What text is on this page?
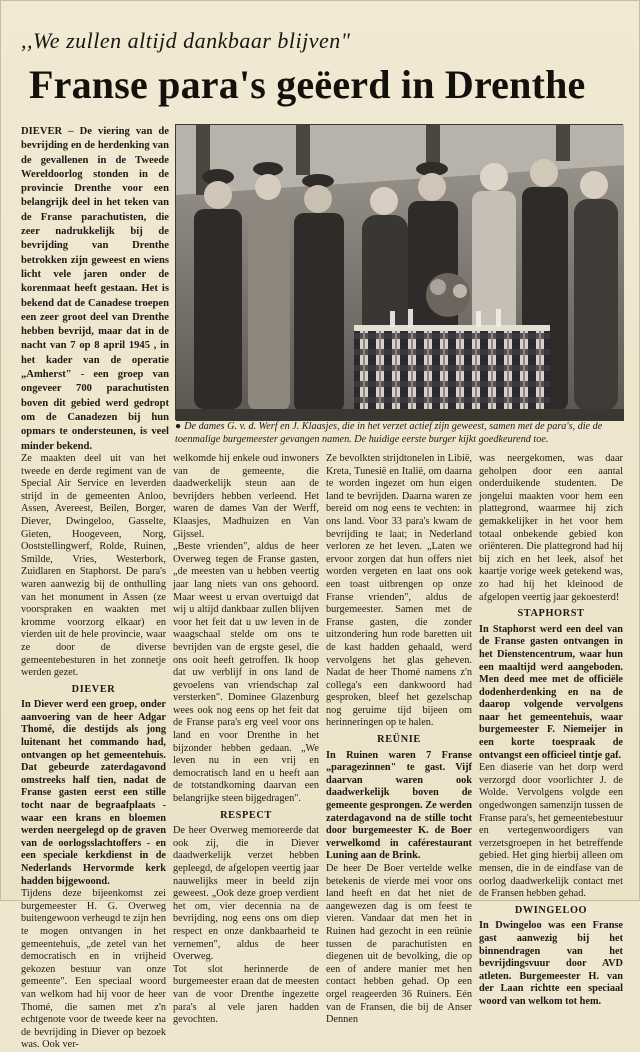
,,We zullen altijd dankbaar blijven"
Franse para's geëerd in Drenthe
DIEVER – De viering van de bevrijding en de herdenking van de gevallenen in de Tweede Wereldoorlog stonden in de provincie Drenthe voor een belangrijk deel in het teken van de Franse parachutisten, die zeer nadrukkelijk bij de bevrijding van Drenthe betrokken zijn geweest en wiens licht vele jaren onder de korenmaat heeft gestaan. Het is bekend dat de Canadese troepen een zeer groot deel van Drenthe hebben bevrijd, maar dat in de nacht van 7 op 8 april 1945 , in het kader van de operatie „Amherst" - een groep van ongeveer 700 parachutisten boven dit gebied werd gedropt om de Canadezen bij hun opmars te ondersteunen, is veel minder bekend.
● De dames G. v. d. Werf en J. Klaasjes, die in het verzet actief zijn geweest, samen met de para's, die de toenmalige burgemeester gevangen namen. De huidige eerste burger kijkt goedkeurend toe.

Ze maakten deel uit van het tweede en derde regiment van de Special Air Service en leverden strijd in de gemeenten Anloo, Assen, Avereest, Beilen, Borger, Diever, Dwingeloo, Gasselte, Gieten, Hoogeveen, Norg, Ooststellingwerf, Rolde, Ruinen, Smilde, Vries, Westerbork, Zuidlaren en Staphorst. De para's waren aanwezig bij de onthulling van het monument in Assen (ze voorspraken en waakten met kromme voorzorg elkaar) en vierden uit de hele provincie, waar ze door de diverse gemeentebesturen in het zonnetje werden gezet.

DIEVER

In Diever werd een groep, onder aanvoering van de heer Adgar Thomé, die destijds als jong luitenant het commando had, ontvangen op het gemeentehuis. Dat gebeurde zaterdagavond omstreeks half tien, nadat de Franse gasten eerst een stille tocht naar de begraafplaats - waar een krans en bloemen werden neergelegd op de graven van de oorlogsslachtoffers - en een speciale kerkdienst in de Nederlands Hervormde kerk hadden bijgewoond.

Tijdens deze bijeenkomst zei burgemeester H. G. Overweg buitengewoon verheugd te zijn hen te mogen ontvangen in het gemeentehuis, „de zetel van het democratisch en in vrijheid gekozen bestuur van onze gemeente". Een speciaal woord van welkom had hij voor de heer Thomé, die samen met z'n echtgenote voor de tweede keer na de bevrijding in Diever op bezoek was. Ook ver-

welkomde hij enkele oud inwoners van de gemeente, die daadwerkelijk steun aan de bevrijders hebben verleend. Het waren de dames Van der Werff, Klaasjes, Madhuizen en Van Gijssel.

„Beste vrienden", aldus de heer Overweg tegen de Franse gasten, „de meesten van u hebben veertig jaar lang niets van ons gehoord. Maar weest u ervan overtuigd dat wij u altijd dankbaar zullen blijven voor het feit dat u uw leven in de waagschaal stelde om ons te bevrijden van de ergste gesel, die ons ooit heeft getroffen. Ik hoop dat uw verblijf in ons land de gevoelens van vriendschap zal versterken". Dominee Glazenburg wees ook nog eens op het feit dat de Franse para's erg veel voor ons land en voor Drenthe in het bijzonder hebben gedaan. „We leven nu in een vrij en democratisch land en u heeft aan de totstandkoming daarvan een belangrijke steen bijgedragen".

RESPECT

De heer Overweg memoreerde dat ook zij, die in Diever daadwerkelijk verzet hebben gepleegd, de afgelopen veertig jaar nauwelijks meer in beeld zijn geweest. „Ook deze groep verdient het om, vier decennia na de bevrijding, nog eens ons om diep respect en onze dankbaarheid te vernemen", aldus de heer Overweg.

Tot slot herinnerde de burgemeester eraan dat de meesten van de voor Drenthe ingezette para's al vele jaren hadden gevochten.

Ze bevolkten strijdtonelen in Libië, Kreta, Tunesië en Italië, om daarna te worden ingezet om hun eigen land te bevrijden. Daarna waren ze bereid om nog eens te vechten: in ons land. Voor 33 para's kwam de bevrijding te laat; in Nederland verloren ze het leven. „Laten we ervoor zorgen dat hun offers niet worden vergeten en laat ons ook een toast uitbrengen op onze Franse vrienden", aldus de burgemeester. Samen met de Franse gasten, die zonder uitzondering hun rode baretten uit de kast hadden gehaald, werd vervolgens het glas geheven. Nadat de heer Thomé namens z'n collega's een dankwoord had gesproken, bleef het gezelschap nog geruime tijd bijeen om herinneringen op te halen.

REÜNIE

In Ruinen waren 7 Franse „paragezinnen" te gast. Vijf daarvan waren ook daadwerkelijk boven de gemeente gesprongen. Ze werden zaterdagavond na de stille tocht door burgemeester K. de Boer verwelkomd in caférestaurant Luning aan de Brink.

De heer De Boer vertelde welke betekenis de vierde mei voor ons land heeft en dat het niet de aangewezen dag is om feest te vieren. Vandaar dat men het in Ruinen had gezocht in een reünie tussen de parachutisten en diegenen uit de bevolking, die op een of andere manier met hen contact hebben gehad. Op een orgel reageerden 36 Ruiners. Eén van de Fransen, die bij de Anser Dennen

was neergekomen, was daar geholpen door een aantal onderduikende studenten. De jongelui maakten voor hem een plattegrond, waarmee hij zich gemakkelijker in het voor hem totaal onbekende gebied kon oriënteren. Die plattegrond had hij bij zich en het leek, alsof het kaartje vorige week getekend was, zo had hij het kleinood de afgelopen veertig jaar gekoesterd!

STAPHORST

In Staphorst werd een deel van de Franse gasten ontvangen in het Dienstencentrum, waar hun een maaltijd werd aangeboden. Men deed mee met de officiële dodenherdenking en na de daarop volgende vervolgens naar het gemeentehuis, waar burgemeester F. Niemeijer in een korte toespraak de ontvangst een officieel tintje gaf.

Een diaserie van het dorp werd verzorgd door voorlichter J. de Wolde. Vervolgens volgde een ongedwongen samenzijn tussen de Franse para's, het gemeentebestuur en vertegenwoordigers van verzetsgroepen in het betreffende gebied. Het ging hierbij alleen om mensen, die in de eindfase van de oorlog daadwerkelijk contact met de Fransen hebben gehad.

DWINGELOO

In Dwingeloo was een Franse gast aanwezig bij het binnendragen van het bevrijdingsvuur door AVD atleten. Burgemeester H. van der Laan richtte een speciaal woord van welkom tot hem.
